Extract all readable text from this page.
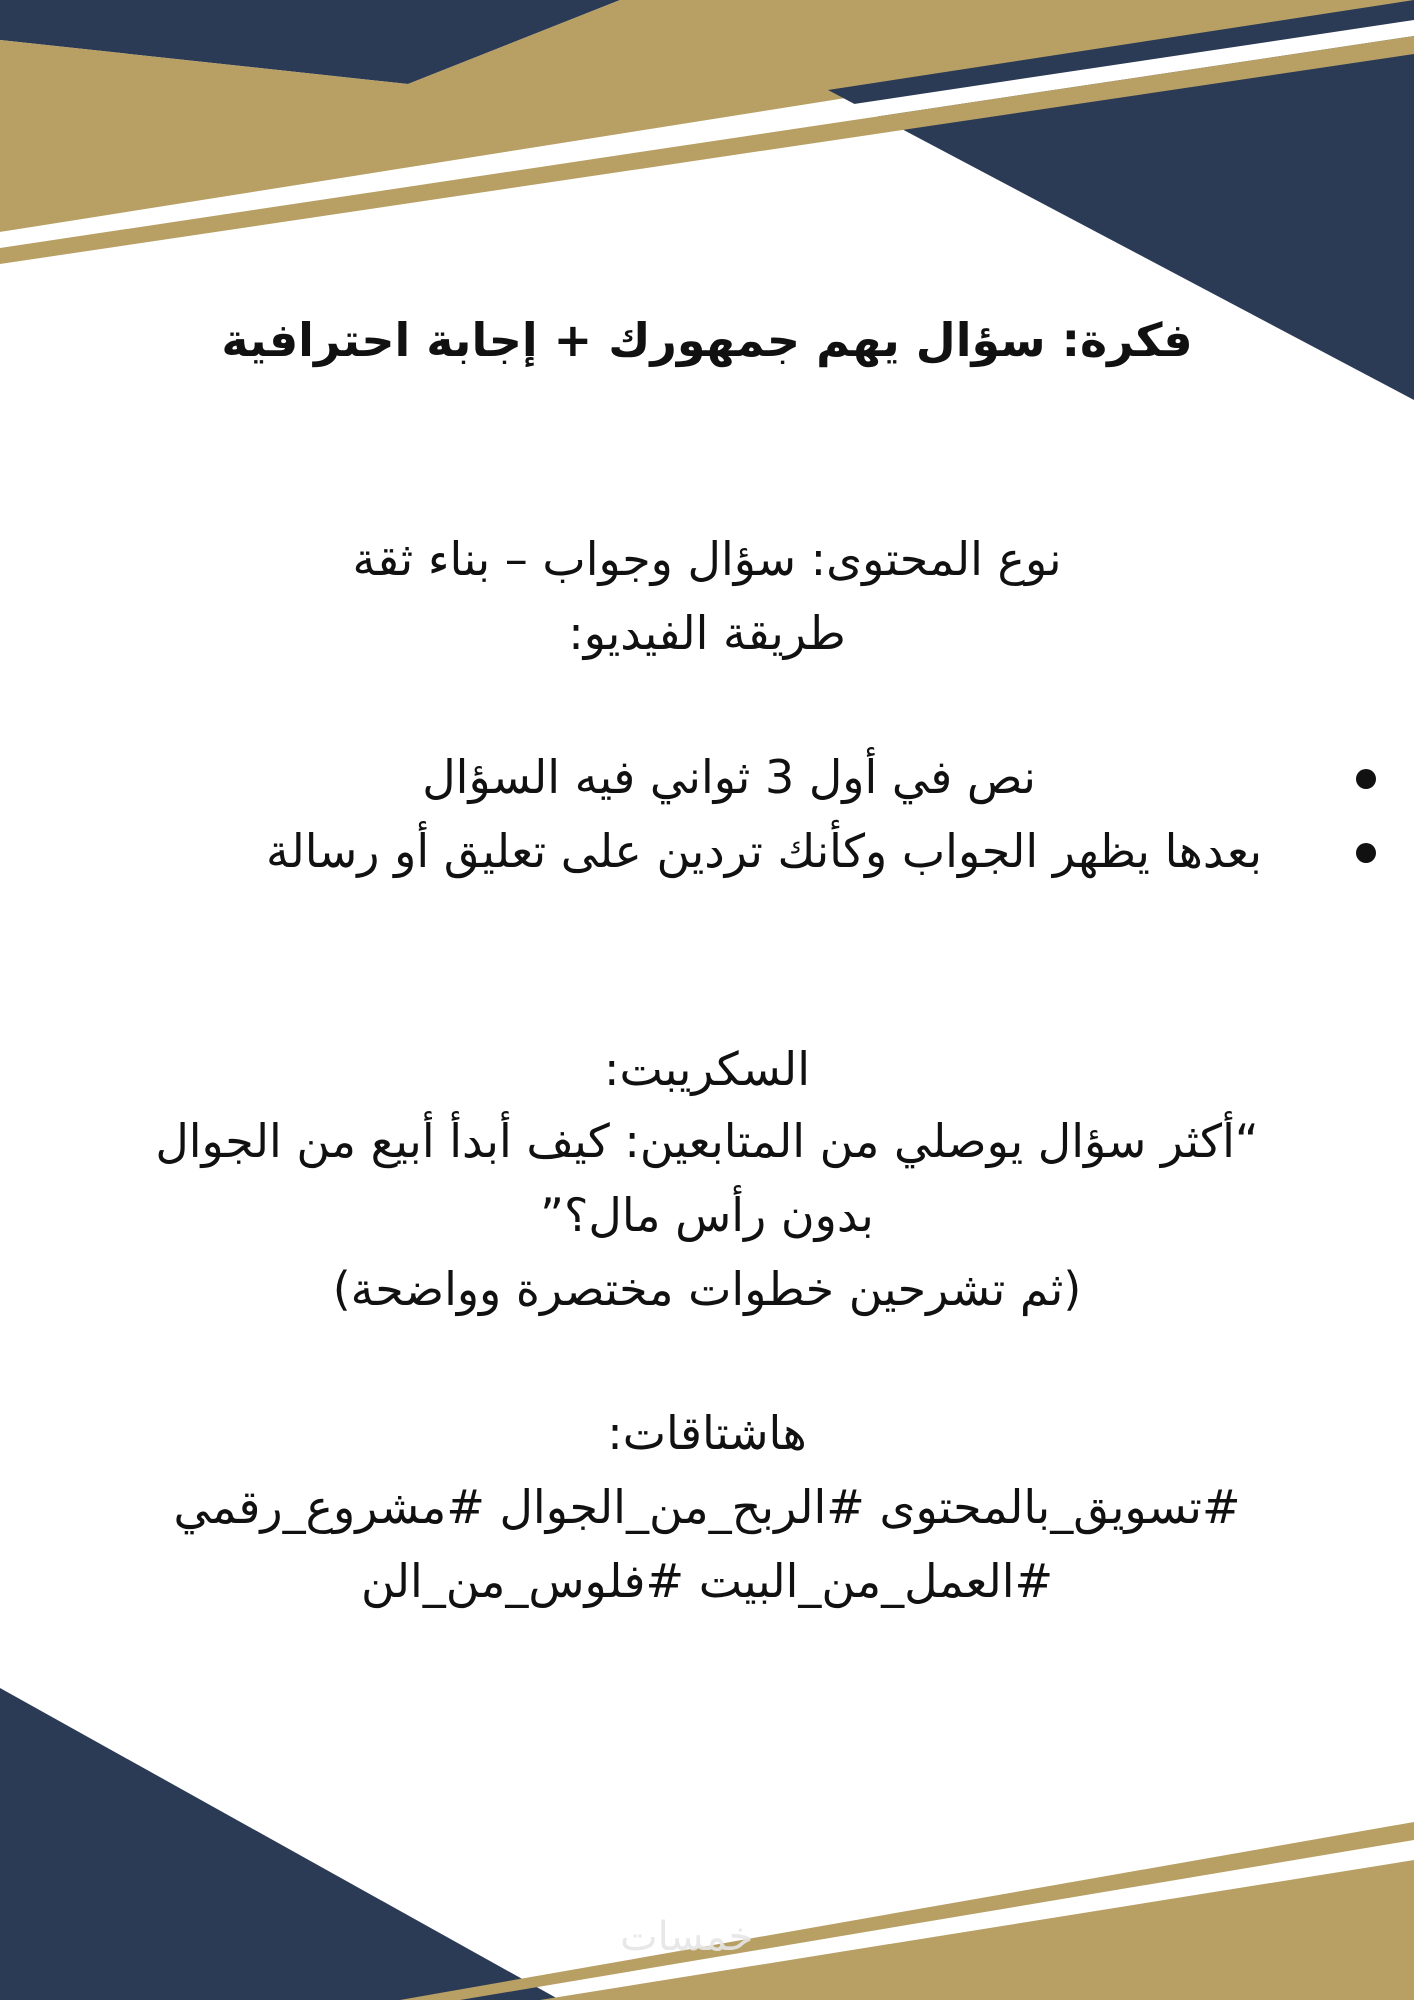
فكرة: سؤال يهم جمهورك + إجابة احترافية
نوع المحتوى: سؤال وجواب – بناء ثقة
طريقة الفيديو:
نص في أول 3 ثواني فيه السؤال
بعدها يظهر الجواب وكأنك تردين على تعليق أو رسالة
السكريبت:
“أكثر سؤال يوصلي من المتابعين: كيف أبدأ أبيع من الجوال
بدون رأس مال؟”
(ثم تشرحين خطوات مختصرة وواضحة)
هاشتاقات:
#تسويق_بالمحتوى #الربح_من_الجوال #مشروع_رقمي
#العمل_من_البيت #فلوس_من_الن
خمسات
